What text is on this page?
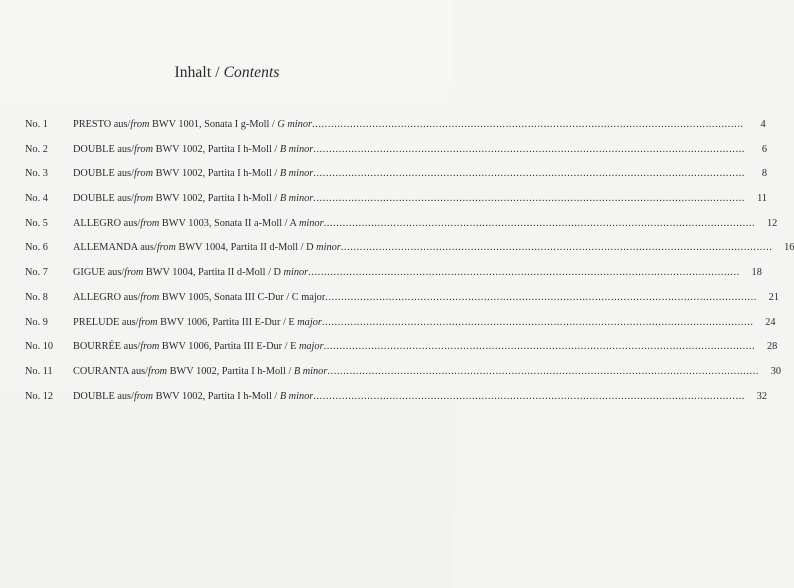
Inhalt / Contents
No. 1	PRESTO aus/from BWV 1001, Sonata I g-Moll / G minor .....	4
No. 2	DOUBLE aus/from BWV 1002, Partita I h-Moll / B minor .....	6
No. 3	DOUBLE aus/from BWV 1002, Partita I h-Moll / B minor .....	8
No. 4	DOUBLE aus/from BWV 1002, Partita I h-Moll / B minor .....	11
No. 5	ALLEGRO aus/from BWV 1003, Sonata II a-Moll / A minor .....	12
No. 6	ALLEMANDA aus/from BWV 1004, Partita II d-Moll / D minor .....	16
No. 7	GIGUE aus/from BWV 1004, Partita II d-Moll / D minor .....	18
No. 8	ALLEGRO aus/from BWV 1005, Sonata III C-Dur / C major .....	21
No. 9	PRELUDE aus/from BWV 1006, Partita III E-Dur / E major .....	24
No. 10	BOURRÉE aus/from BWV 1006, Partita III E-Dur / E major .....	28
No. 11	COURANTA aus/from BWV 1002, Partita I h-Moll / B minor .....	30
No. 12	DOUBLE aus/from BWV 1002, Partita I h-Moll / B minor .....	32
